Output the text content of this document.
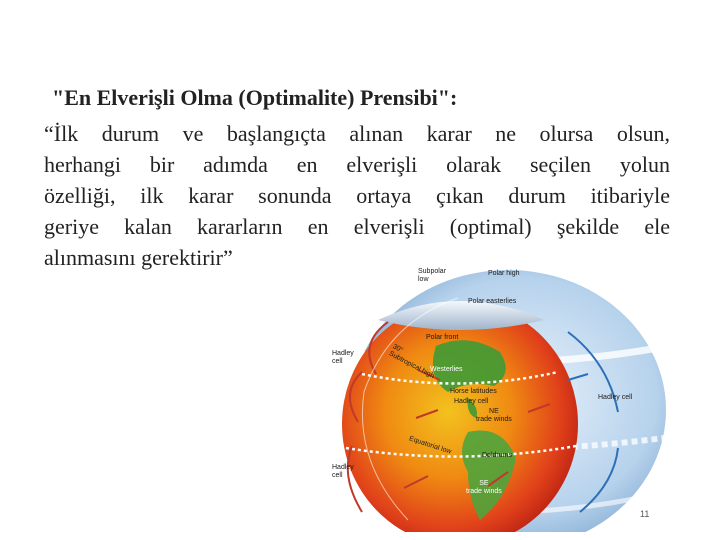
"En Elverişli Olma (Optimalite) Prensibi":
“İlk durum ve başlangıçta alınan karar ne olursa olsun,
herhangi bir adımda en elverişli olarak seçilen yolun
özelliği, ilk karar sonunda ortaya çıkan durum itibariyle
geriye kalan kararların en elverişli (optimal) şekilde ele
alınmasını gerektirir”
Subpolar
low
Polar high
Polar easterlies
Polar front
Westerlies
30°
Subtropical high
Horse latitudes
Hadley cell
NE
trade winds
Equatorial low	Doldrums
SE
trade winds
Hadley
cell
Hadley
cell
Hadley cell
11
